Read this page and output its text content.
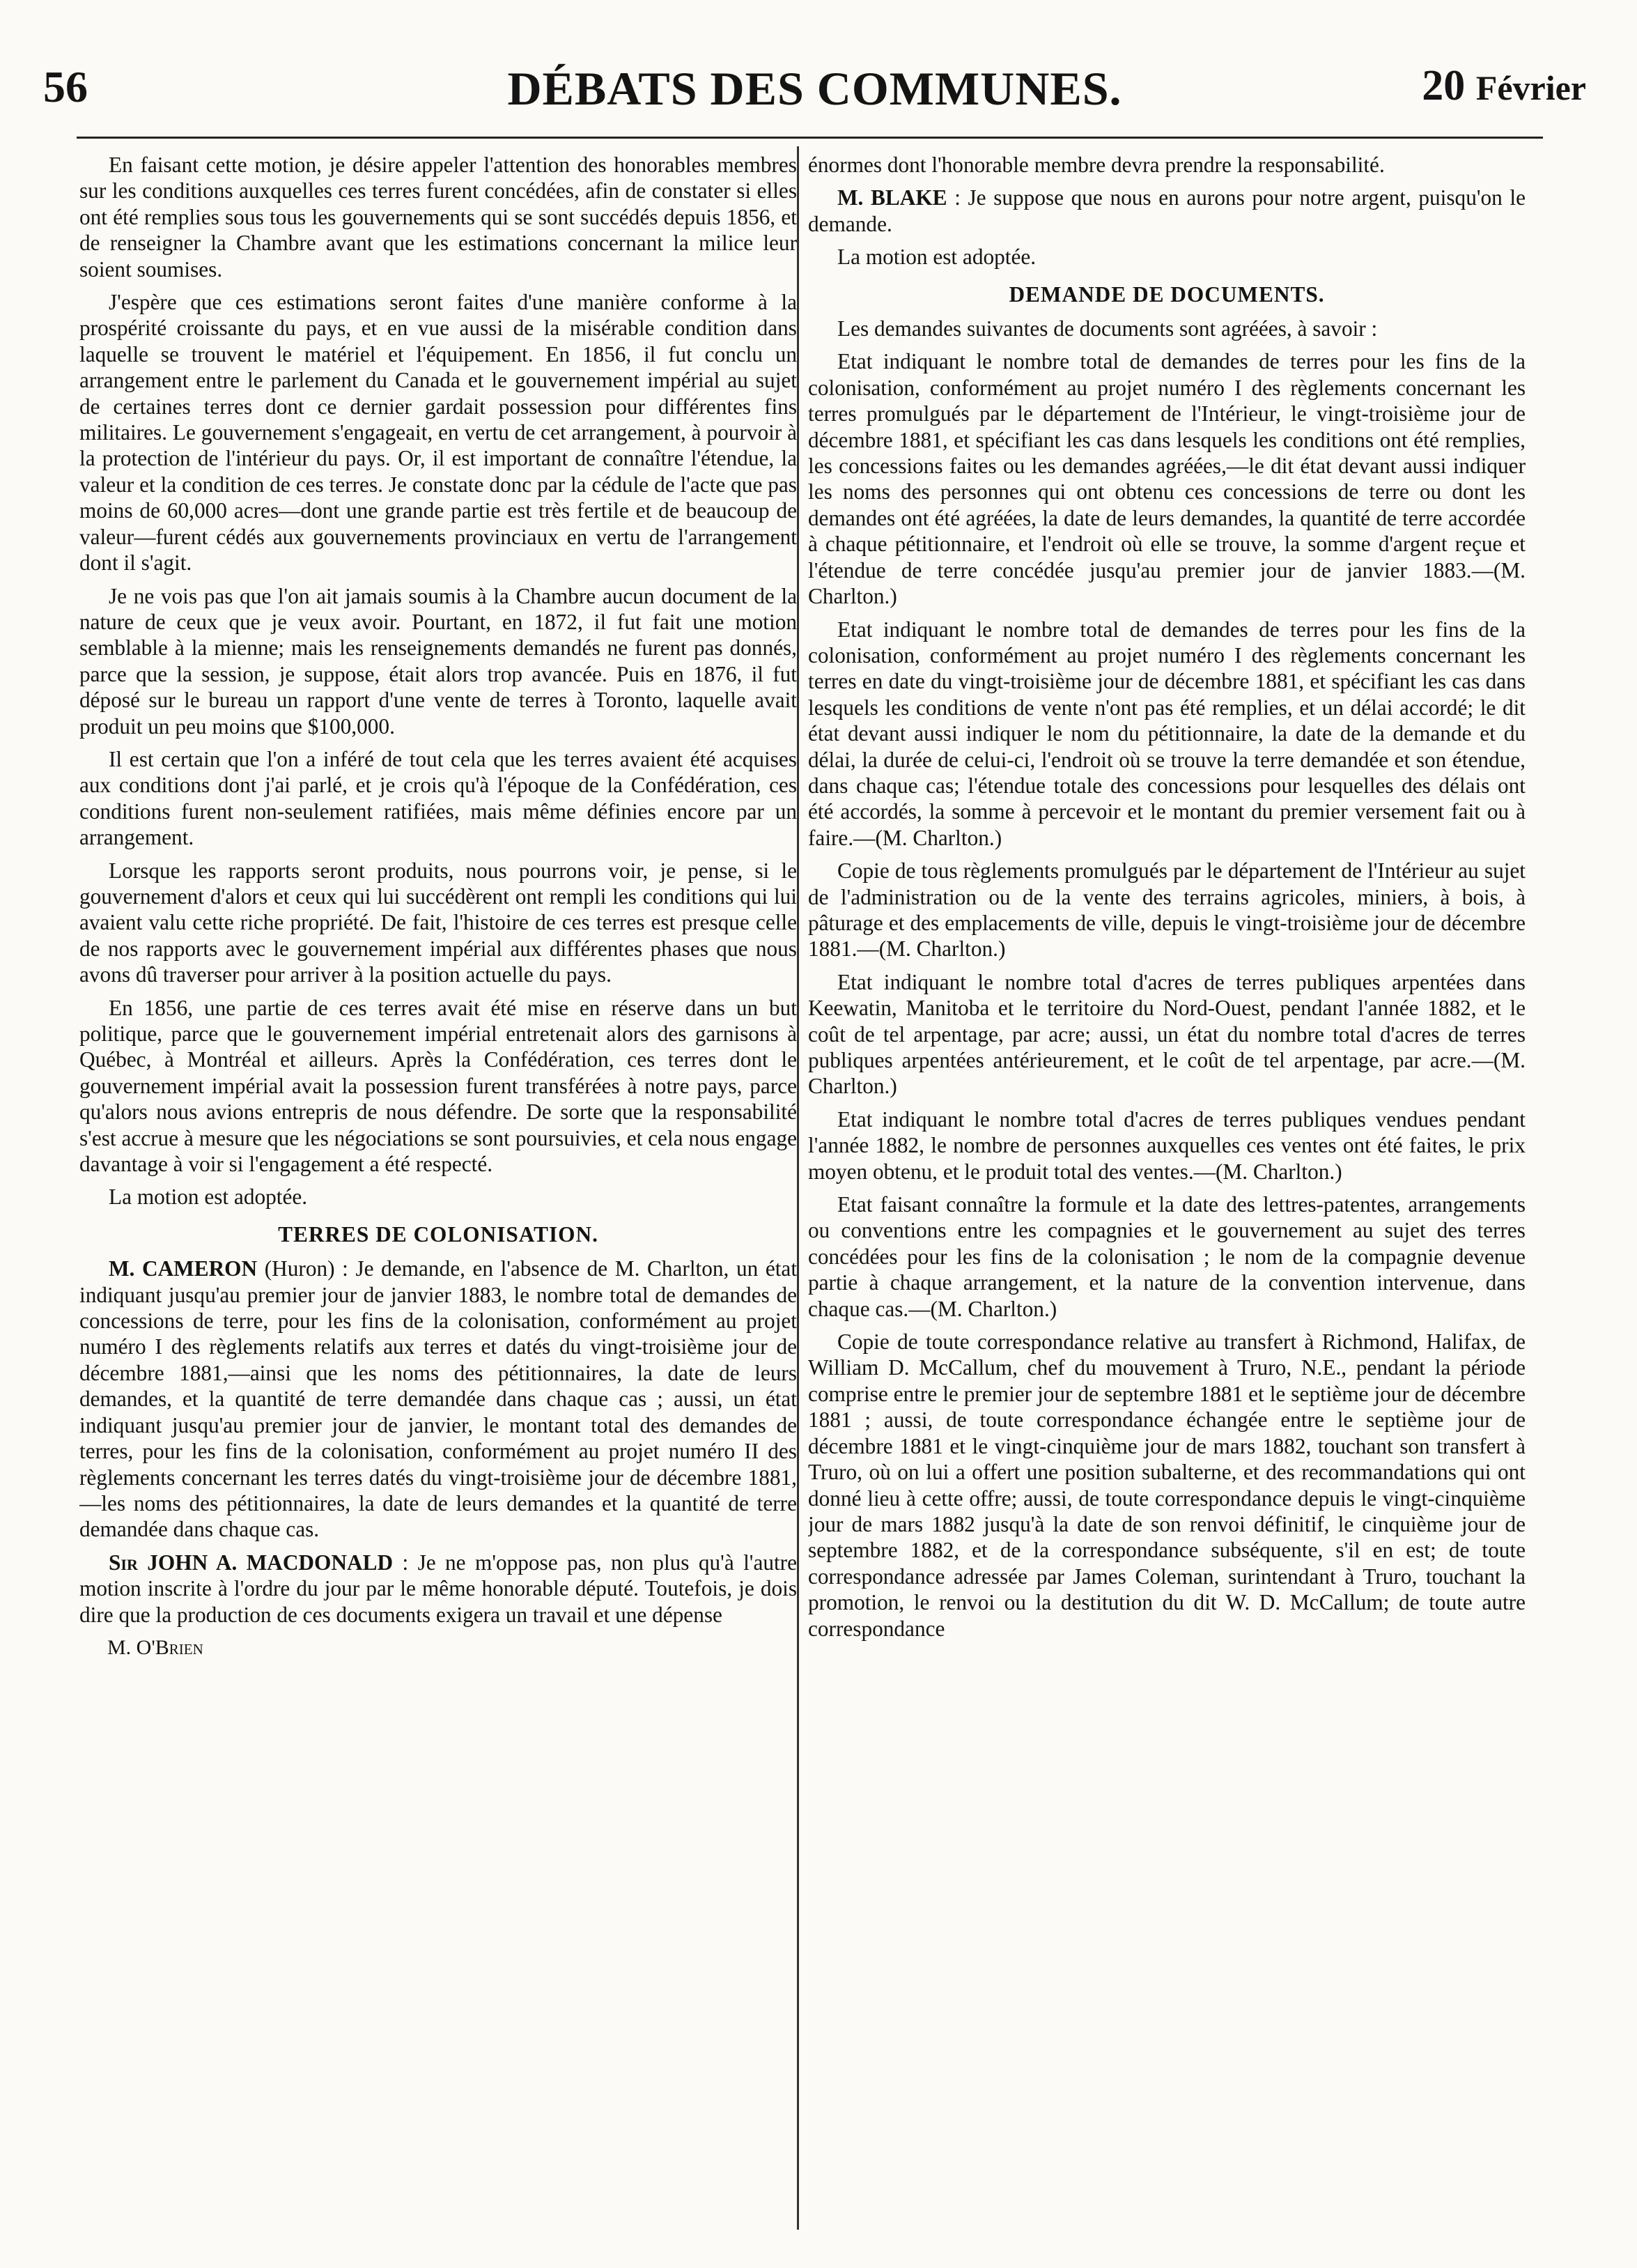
56	DÉBATS DES COMMUNES.	20 Février

En faisant cette motion, je désire appeler l'attention des honorables membres sur les conditions auxquelles ces terres furent concédées, afin de constater si elles ont été remplies sous tous les gouvernements qui se sont succédés depuis 1856, et de renseigner la Chambre avant que les estimations concernant la milice leur soient soumises.

J'espère que ces estimations seront faites d'une manière conforme à la prospérité croissante du pays, et en vue aussi de la misérable condition dans laquelle se trouvent le matériel et l'équipement. En 1856, il fut conclu un arrangement entre le parlement du Canada et le gouvernement impérial au sujet de certaines terres dont ce dernier gardait possession pour différentes fins militaires. Le gouvernement s'engageait, en vertu de cet arrangement, à pourvoir à la protection de l'intérieur du pays. Or, il est important de connaître l'étendue, la valeur et la condition de ces terres. Je constate donc par la cédule de l'acte que pas moins de 60,000 acres—dont une grande partie est très fertile et de beaucoup de valeur—furent cédés aux gouvernements provinciaux en vertu de l'arrangement dont il s'agit.

Je ne vois pas que l'on ait jamais soumis à la Chambre aucun document de la nature de ceux que je veux avoir. Pourtant, en 1872, il fut fait une motion semblable à la mienne; mais les renseignements demandés ne furent pas donnés, parce que la session, je suppose, était alors trop avancée. Puis en 1876, il fut déposé sur le bureau un rapport d'une vente de terres à Toronto, laquelle avait produit un peu moins que $100,000.

Il est certain que l'on a inféré de tout cela que les terres avaient été acquises aux conditions dont j'ai parlé, et je crois qu'à l'époque de la Confédération, ces conditions furent non-seulement ratifiées, mais même définies encore par un arrangement.

Lorsque les rapports seront produits, nous pourrons voir, je pense, si le gouvernement d'alors et ceux qui lui succédèrent ont rempli les conditions qui lui avaient valu cette riche propriété. De fait, l'histoire de ces terres est presque celle de nos rapports avec le gouvernement impérial aux différentes phases que nous avons dû traverser pour arriver à la position actuelle du pays.

En 1856, une partie de ces terres avait été mise en réserve dans un but politique, parce que le gouvernement impérial entretenait alors des garnisons à Québec, à Montréal et ailleurs. Après la Confédération, ces terres dont le gouvernement impérial avait la possession furent transférées à notre pays, parce qu'alors nous avions entrepris de nous défendre. De sorte que la responsabilité s'est accrue à mesure que les négociations se sont poursuivies, et cela nous engage davantage à voir si l'engagement a été respecté.

La motion est adoptée.

TERRES DE COLONISATION.

M. CAMERON (Huron) : Je demande, en l'absence de M. Charlton, un état indiquant jusqu'au premier jour de janvier 1883, le nombre total de demandes de concessions de terre, pour les fins de la colonisation, conformément au projet numéro I des règlements relatifs aux terres et datés du vingt-troisième jour de décembre 1881,—ainsi que les noms des pétitionnaires, la date de leurs demandes, et la quantité de terre demandée dans chaque cas ; aussi, un état indiquant jusqu'au premier jour de janvier, le montant total des demandes de terres, pour les fins de la colonisation, conformément au projet numéro II des règlements concernant les terres datés du vingt-troisième jour de décembre 1881,—les noms des pétitionnaires, la date de leurs demandes et la quantité de terre demandée dans chaque cas.

Sir JOHN A. MACDONALD : Je ne m'oppose pas, non plus qu'à l'autre motion inscrite à l'ordre du jour par le même honorable député. Toutefois, je dois dire que la production de ces documents exigera un travail et une dépense

M. O'Brien

énormes dont l'honorable membre devra prendre la responsabilité.

M. BLAKE : Je suppose que nous en aurons pour notre argent, puisqu'on le demande.

La motion est adoptée.

DEMANDE DE DOCUMENTS.

Les demandes suivantes de documents sont agréées, à savoir :

Etat indiquant le nombre total de demandes de terres pour les fins de la colonisation, conformément au projet numéro I des règlements concernant les terres promulgués par le département de l'Intérieur, le vingt-troisième jour de décembre 1881, et spécifiant les cas dans lesquels les conditions ont été remplies, les concessions faites ou les demandes agréées,—le dit état devant aussi indiquer les noms des personnes qui ont obtenu ces concessions de terre ou dont les demandes ont été agréées, la date de leurs demandes, la quantité de terre accordée à chaque pétitionnaire, et l'endroit où elle se trouve, la somme d'argent reçue et l'étendue de terre concédée jusqu'au premier jour de janvier 1883.—(M. Charlton.)

Etat indiquant le nombre total de demandes de terres pour les fins de la colonisation, conformément au projet numéro I des règlements concernant les terres en date du vingt-troisième jour de décembre 1881, et spécifiant les cas dans lesquels les conditions de vente n'ont pas été remplies, et un délai accordé; le dit état devant aussi indiquer le nom du pétitionnaire, la date de la demande et du délai, la durée de celui-ci, l'endroit où se trouve la terre demandée et son étendue, dans chaque cas; l'étendue totale des concessions pour lesquelles des délais ont été accordés, la somme à percevoir et le montant du premier versement fait ou à faire.—(M. Charlton.)

Copie de tous règlements promulgués par le département de l'Intérieur au sujet de l'administration ou de la vente des terrains agricoles, miniers, à bois, à pâturage et des emplacements de ville, depuis le vingt-troisième jour de décembre 1881.—(M. Charlton.)

Etat indiquant le nombre total d'acres de terres publiques arpentées dans Keewatin, Manitoba et le territoire du Nord-Ouest, pendant l'année 1882, et le coût de tel arpentage, par acre; aussi, un état du nombre total d'acres de terres publiques arpentées antérieurement, et le coût de tel arpentage, par acre.—(M. Charlton.)

Etat indiquant le nombre total d'acres de terres publiques vendues pendant l'année 1882, le nombre de personnes auxquelles ces ventes ont été faites, le prix moyen obtenu, et le produit total des ventes.—(M. Charlton.)

Etat faisant connaître la formule et la date des lettres-patentes, arrangements ou conventions entre les compagnies et le gouvernement au sujet des terres concédées pour les fins de la colonisation ; le nom de la compagnie devenue partie à chaque arrangement, et la nature de la convention intervenue, dans chaque cas.—(M. Charlton.)

Copie de toute correspondance relative au transfert à Richmond, Halifax, de William D. McCallum, chef du mouvement à Truro, N.E., pendant la période comprise entre le premier jour de septembre 1881 et le septième jour de décembre 1881 ; aussi, de toute correspondance échangée entre le septième jour de décembre 1881 et le vingt-cinquième jour de mars 1882, touchant son transfert à Truro, où on lui a offert une position subalterne, et des recommandations qui ont donné lieu à cette offre; aussi, de toute correspondance depuis le vingt-cinquième jour de mars 1882 jusqu'à la date de son renvoi définitif, le cinquième jour de septembre 1882, et de la correspondance subséquente, s'il en est; de toute correspondance adressée par James Coleman, surintendant à Truro, touchant la promotion, le renvoi ou la destitution du dit W. D. McCallum; de toute autre correspondance
